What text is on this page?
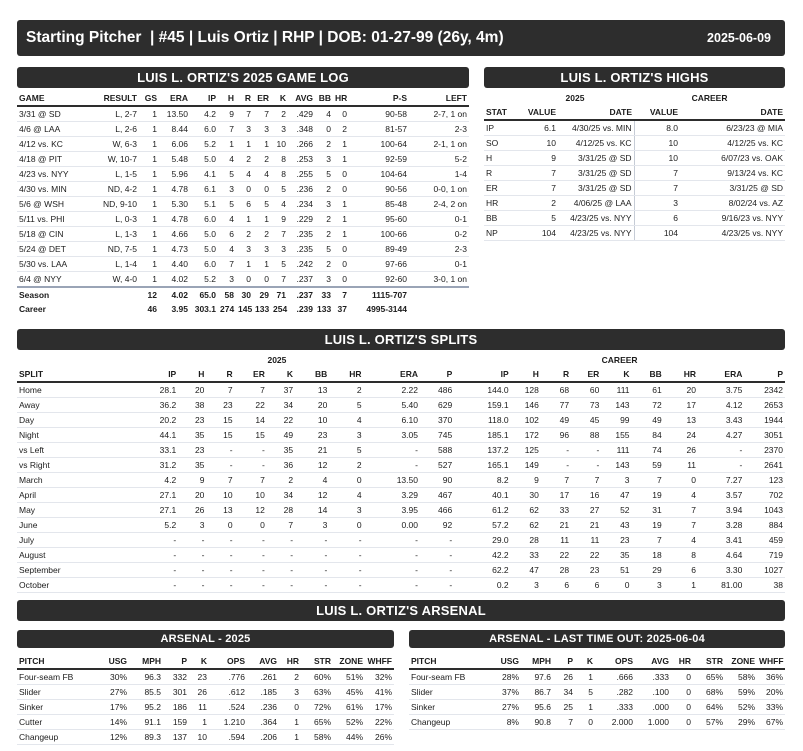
Starting Pitcher  | #45 | Luis Ortiz | RHP | DOB: 01-27-99 (26y, 4m)	2025-06-09
LUIS L. ORTIZ'S 2025 GAME LOG
GAME	RESULT	GS	ERA	IP	H	R	ER	K	AVG	BB	HR	P-S	LEFT
3/31 @ SD	L, 2-7	1	13.50	4.2	9	7	7	2	.429	4	0	90-58	2-7, 1 on
4/6 @ LAA	L, 2-6	1	8.44	6.0	7	3	3	3	.348	0	2	81-57	2-3
4/12 vs. KC	W, 6-3	1	6.06	5.2	1	1	1	10	.266	2	1	100-64	2-1, 1 on
4/18 @ PIT	W, 10-7	1	5.48	5.0	4	2	2	8	.253	3	1	92-59	5-2
4/23 vs. NYY	L, 1-5	1	5.96	4.1	5	4	4	8	.255	5	0	104-64	1-4
4/30 vs. MIN	ND, 4-2	1	4.78	6.1	3	0	0	5	.236	2	0	90-56	0-0, 1 on
5/6 @ WSH	ND, 9-10	1	5.30	5.1	5	6	5	4	.234	3	1	85-48	2-4, 2 on
5/11 vs. PHI	L, 0-3	1	4.78	6.0	4	1	1	9	.229	2	1	95-60	0-1
5/18 @ CIN	L, 1-3	1	4.66	5.0	6	2	2	7	.235	2	1	100-66	0-2
5/24 @ DET	ND, 7-5	1	4.73	5.0	4	3	3	3	.235	5	0	89-49	2-3
5/30 vs. LAA	L, 1-4	1	4.40	6.0	7	1	1	5	.242	2	0	97-66	0-1
6/4 @ NYY	W, 4-0	1	4.02	5.2	3	0	0	7	.237	3	0	92-60	3-0, 1 on
Season		12	4.02	65.0	58	30	29	71	.237	33	7	1115-707	
Career		46	3.95	303.1	274	145	133	254	.239	133	37	4995-3144	
LUIS L. ORTIZ'S HIGHS
	2025		CAREER	
STAT	VALUE	DATE	VALUE	DATE
IP	6.1	4/30/25 vs. MIN	8.0	6/23/23 @ MIA
SO	10	4/12/25 vs. KC	10	4/12/25 vs. KC
H	9	3/31/25 @ SD	10	6/07/23 vs. OAK
R	7	3/31/25 @ SD	7	9/13/24 vs. KC
ER	7	3/31/25 @ SD	7	3/31/25 @ SD
HR	2	4/06/25 @ LAA	3	8/02/24 vs. AZ
BB	5	4/23/25 vs. NYY	6	9/16/23 vs. NYY
NP	104	4/23/25 vs. NYY	104	4/23/25 vs. NYY
LUIS L. ORTIZ'S SPLITS
	2025									CAREER								
SPLIT	IP	H	R	ER	K	BB	HR	ERA	P	IP	H	R	ER	K	BB	HR	ERA	P
Home	28.1	20	7	7	37	13	2	2.22	486	144.0	128	68	60	111	61	20	3.75	2342
Away	36.2	38	23	22	34	20	5	5.40	629	159.1	146	77	73	143	72	17	4.12	2653
Day	20.2	23	15	14	22	10	4	6.10	370	118.0	102	49	45	99	49	13	3.43	1944
Night	44.1	35	15	15	49	23	3	3.05	745	185.1	172	96	88	155	84	24	4.27	3051
vs Left	33.1	23	-	-	35	21	5	-	588	137.2	125	-	-	111	74	26	-	2370
vs Right	31.2	35	-	-	36	12	2	-	527	165.1	149	-	-	143	59	11	-	2641
March	4.2	9	7	7	2	4	0	13.50	90	8.2	9	7	7	3	7	0	7.27	123
April	27.1	20	10	10	34	12	4	3.29	467	40.1	30	17	16	47	19	4	3.57	702
May	27.1	26	13	12	28	14	3	3.95	466	61.2	62	33	27	52	31	7	3.94	1043
June	5.2	3	0	0	7	3	0	0.00	92	57.2	62	21	21	43	19	7	3.28	884
July	-	-	-	-	-	-	-	-	-	29.0	28	11	11	23	7	4	3.41	459
August	-	-	-	-	-	-	-	-	-	42.2	33	22	22	35	18	8	4.64	719
September	-	-	-	-	-	-	-	-	-	62.2	47	28	23	51	29	6	3.30	1027
October	-	-	-	-	-	-	-	-	-	0.2	3	6	6	0	3	1	81.00	38
LUIS L. ORTIZ'S ARSENAL
ARSENAL - 2025	ARSENAL - LAST TIME OUT: 2025-06-04
PITCH	USG	MPH	P	K	OPS	AVG	HR	STR	ZONE	WHFF
Four-seam FB	30%	96.3	332	23	.776	.261	2	60%	51%	32%
Slider	27%	85.5	301	26	.612	.185	3	63%	45%	41%
Sinker	17%	95.2	186	11	.524	.236	0	72%	61%	17%
Cutter	14%	91.1	159	1	1.210	.364	1	65%	52%	22%
Changeup	12%	89.3	137	10	.594	.206	1	58%	44%	26%
PITCH	USG	MPH	P	K	OPS	AVG	HR	STR	ZONE	WHFF
Four-seam FB	28%	97.6	26	1	.666	.333	0	65%	58%	36%
Slider	37%	86.7	34	5	.282	.100	0	68%	59%	20%
Sinker	27%	95.6	25	1	.333	.000	0	64%	52%	33%
Changeup	8%	90.8	7	0	2.000	1.000	0	57%	29%	67%
